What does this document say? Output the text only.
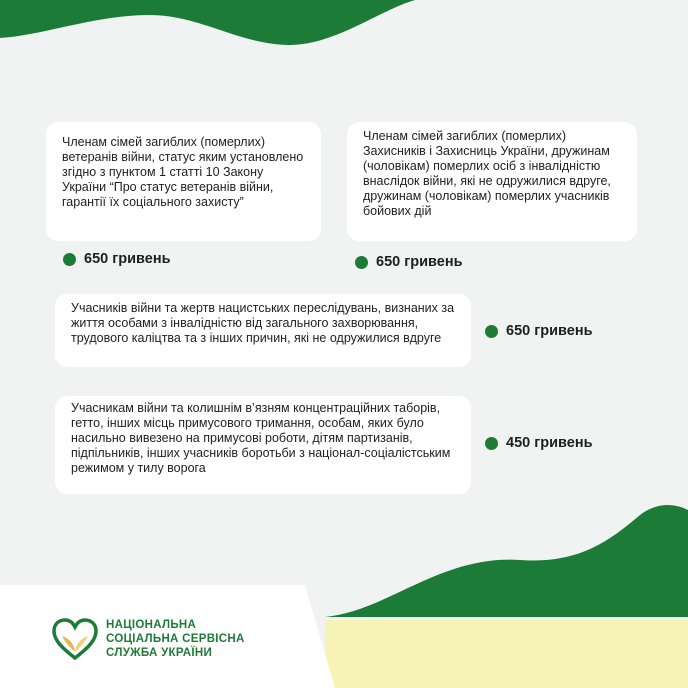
Членам сімей загиблих (померлих) ветеранів війни, статус яким установлено згідно з пунктом 1 статті 10 Закону України “Про статус ветеранів війни, гарантії їх соціального захисту”
650 гривень
Членам сімей загиблих (померлих) Захисників і Захисниць України, дружинам (чоловікам) померлих осіб з інвалідністю внаслідок війни, які не одружилися вдруге, дружинам (чоловікам) померлих учасників бойових дій
650 гривень
Учасників війни та жертв нацистських переслідувань, визнаних за життя особами з інвалідністю від загального захворювання, трудового каліцтва та з інших причин, які не одружилися вдруге	650 гривень
Учасникам війни та колишнім в’язням концентраційних таборів, гетто, інших місць примусового тримання, особам, яких було насильно вивезено на примусові роботи, дітям партизанів, підпільників, інших учасників боротьби з націонал-соціалістським режимом у тилу ворога
450 гривень
НАЦІОНАЛЬНА
СОЦІАЛЬНА СЕРВІСНА
СЛУЖБА УКРАЇНИ
